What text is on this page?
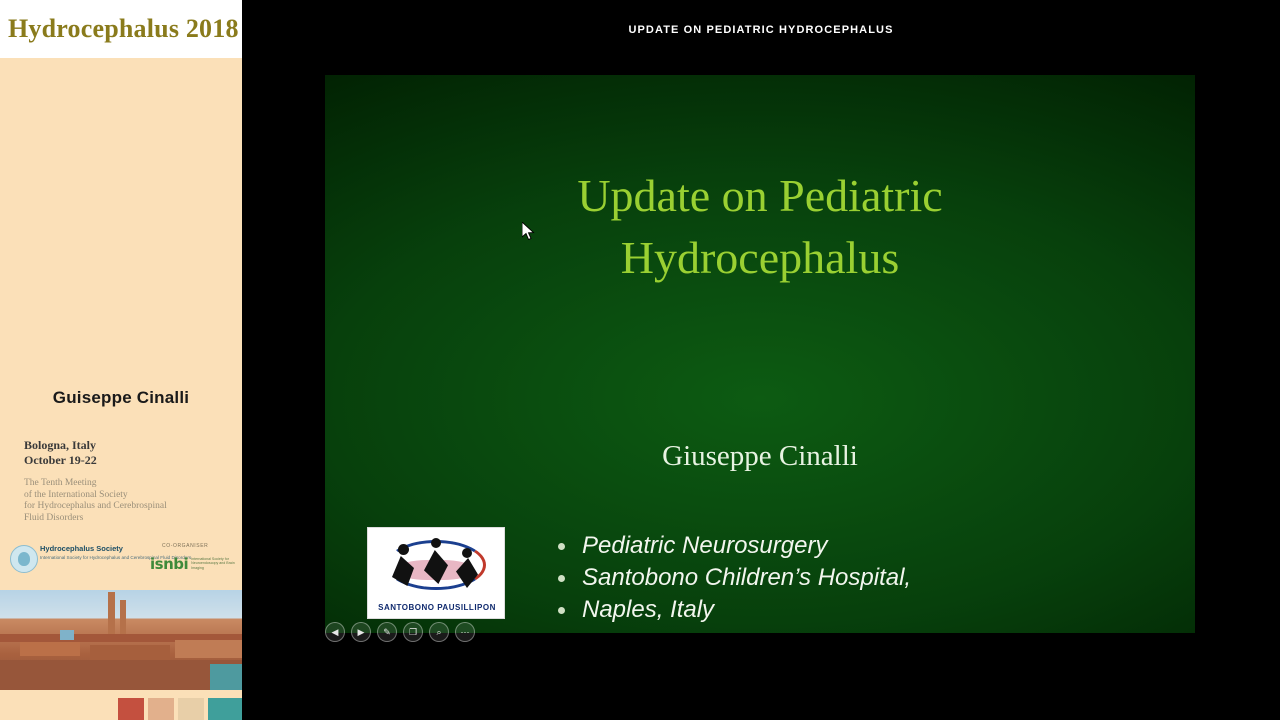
Hydrocephalus 2018
Guiseppe Cinalli
Bologna, Italy
October 19-22
The Tenth Meeting
of the International Society
for Hydrocephalus and Cerebrospinal
Fluid Disorders
Hydrocephalus Society
International Society for Hydrocephalus and Cerebrospinal Fluid Disorders
CO-ORGANISER
isnbi International Society for Neuroendoscopy and Brain Imaging
UPDATE ON PEDIATRIC HYDROCEPHALUS
Update on Pediatric
Hydrocephalus
Giuseppe Cinalli
Pediatric Neurosurgery
Santobono Children’s Hospital,
Naples, Italy
SANTOBONO PAUSILLIPON
◀	▶	✎	❐	⌕	⋯
